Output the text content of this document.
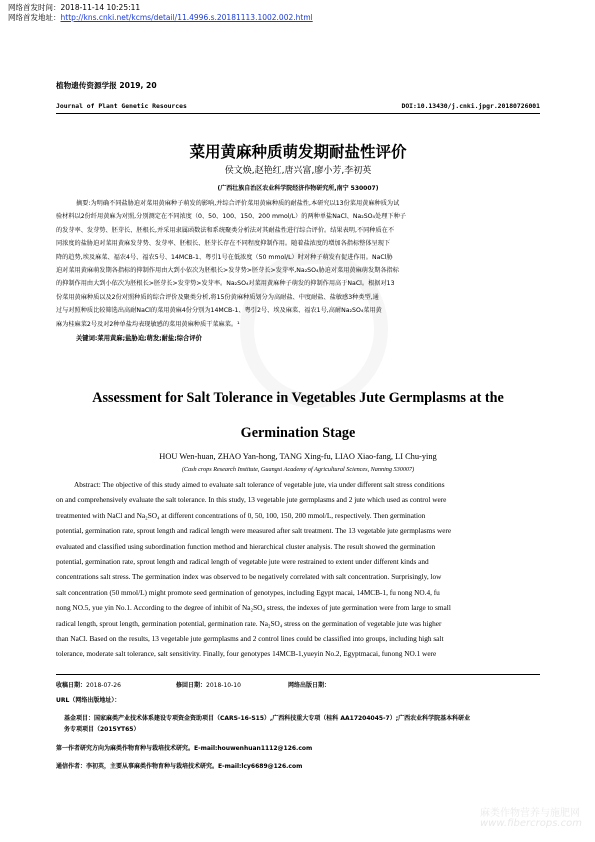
网络首发时间：2018-11-14 10:25:11
网络首发地址：http://kns.cnki.net/kcms/detail/11.4996.s.20181113.1002.002.html
植物遗传资源学报 2019, 20
Journal of Plant Genetic Resources	DOI:10.13430/j.cnki.jpgr.20180726001
菜用黄麻种质萌发期耐盐性评价
侯文焕,赵艳红,唐兴富,廖小芳,李初英
(广西壮族自治区农业科学院经济作物研究所,南宁 530007)
摘要:为明确不同盐胁迫对菜用黄麻种子萌发的影响,并综合评价菜用黄麻种质的耐盐性,本研究以13份菜用黄麻种质为试
验材料以2份纤用黄麻为对照,分别测定在不同浓度（0、50、100、150、200 mmol/L）的两种单盐NaCl、Na₂SO₄处理下种子
的发芽率、发芽势、胚芽长、胚根长,并采用隶属函数法和系统聚类分析法对其耐盐性进行综合评价。结果表明,不同种质在不
同浓度的盐胁迫对菜用黄麻发芽势、发芽率、胚根长、胚芽长存在不同程度抑制作用。随着盐浓度的增加各指标整体呈现下
降的趋势,埃及麻菜、福农4号、福农5号、14MCB-1、粤引1号在低浓度（50 mmol/L）时对种子萌发有促进作用。NaCl胁
迫对菜用黄麻萌发期各指标的抑制作用由大到小依次为胚根长>发芽势>胚芽长>发芽率,Na₂SO₄胁迫对菜用黄麻萌发期各指标
的抑制作用由大到小依次为胚根长>胚芽长>发芽势>发芽率。Na₂SO₄对菜用黄麻种子萌发的抑制作用高于NaCl。根据对13
份菜用黄麻种质以及2份对照种质的综合评价及聚类分析,将15份黄麻种质划分为高耐盐、中度耐盐、盐敏感3种类型,通
过与对照种质比较筛选出高耐NaCl的菜用黄麻4份分别为14MCB-1、粤引2号、埃及麻菜、福农1号,高耐Na₂SO₄菜用黄
麻为桂麻菜2号及对2种单盐均表现敏感的菜用黄麻种质干菜麻菜。¹
关键词:菜用黄麻;盐胁迫;萌发;耐盐;综合评价
Assessment for Salt Tolerance in Vegetables Jute Germplasms at the
Germination Stage
HOU Wen-huan, ZHAO Yan-hong, TANG Xing-fu, LIAO Xiao-fang, LI Chu-ying
(Cash crops Research Institute, Guangxi Academy of Agricultural Sciences, Nanning 530007)
Abstract: The objective of this study aimed to evaluate salt tolerance of vegetable jute, via under different salt stress conditions
on and comprehensively evaluate the salt tolerance. In this study, 13 vegetable jute germplasms and 2 jute which used as control were
treatmented with NaCl and Na₂SO₄ at different concentrations of 0, 50, 100, 150, 200 mmol/L, respectively. Then germination
potential, germination rate, sprout length and radical length were measured after salt treatment. The 13 vegetable jute germplasms were
evaluated and classified using subordination function method and hierarchical cluster analysis. The result showed the germination
potential, germination rate, sprout length and radical length of vegetable jute were restrained to extent under different kinds and
concentrations salt stress. The germination index was observed to be negatively correlated with salt concentration. Surprisingly, low
salt concentration (50 mmol/L) might promote seed germination of genotypes, including Egypt macai, 14MCB-1, fu nong NO.4, fu
nong NO.5, yue yin No.1. According to the degree of inhibit of Na₂SO₄ stress, the indexes of jute germination were from large to small
radical length, sprout length, germination potential, germination rate. Na₂SO₄ stress on the germination of vegetable jute was higher
than NaCl. Based on the results, 13 vegetable jute germplasms and 2 control lines could be classified into groups, including high salt
tolerance, moderate salt tolerance, salt sensitivity. Finally, four genotypes 14MCB-1,yueyin No.2, Egyptmacai, funong NO.1 were
收稿日期：2018-07-26	修回日期：2018-10-10	网络出版日期：
URL（网络出版地址）：
基金项目：国家麻类产业技术体系建设专项资金资助项目（CARS-16-S15）,广西科技重大专项（桂科 AA17204045-7）;广西农业科学院基本科研业
务专项项目（2015YT65）
第一作者研究方向为麻类作物育种与栽培技术研究。E-mail:houwenhuan1112@126.com
通信作者：李初英，主要从事麻类作物育种与栽培技术研究。E-mail:lcy6689@126.com
麻类作物营养与施肥网
www.fibercrops.com
